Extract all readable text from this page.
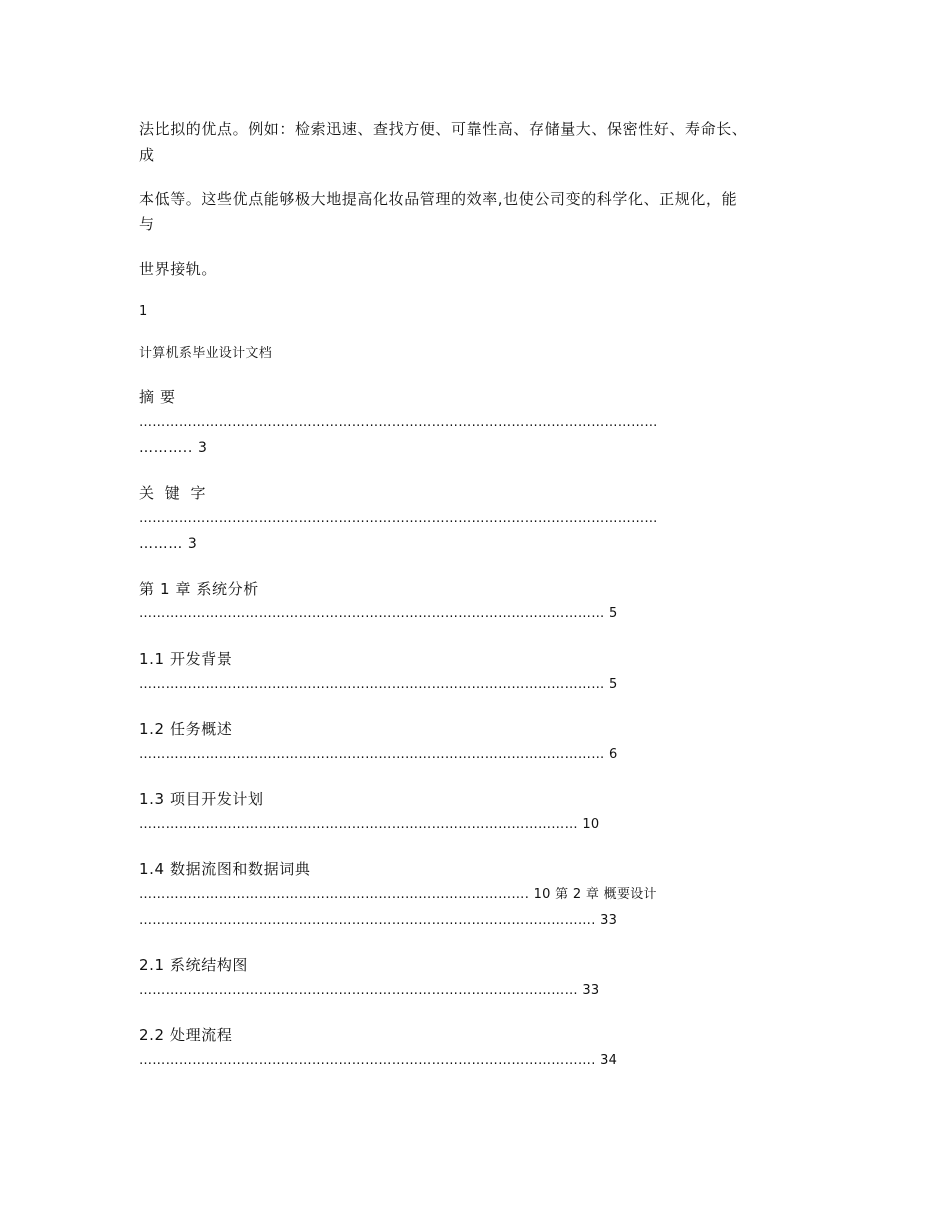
法比拟的优点。例如：检索迅速、查找方便、可靠性高、存储量大、保密性好、寿命长、

成

本低等。这些优点能够极大地提高化妆品管理的效率,也使公司变的科学化、正规化，能

与

世界接轨。

1

计算机系毕业设计文档

摘 要

………………………………………………………………………………………………………

……….. 3

关 键 字

………………………………………………………………………………………………………

……… 3

第 1 章 系统分析

…………………………………………………………………………………………… 5

1.1 开发背景

…………………………………………………………………………………………… 5

1.2 任务概述

…………………………………………………………………………………………… 6

1.3 项目开发计划

……………………………………………………………………………………… 10

1.4 数据流图和数据词典

……………………………………………………………………………. 10 第 2 章 概要设计

…………………………………………………………………………………………. 33

2.1 系统结构图

……………………………………………………………………………………… 33

2.2 处理流程

…………………………………………………………………………………………. 34
